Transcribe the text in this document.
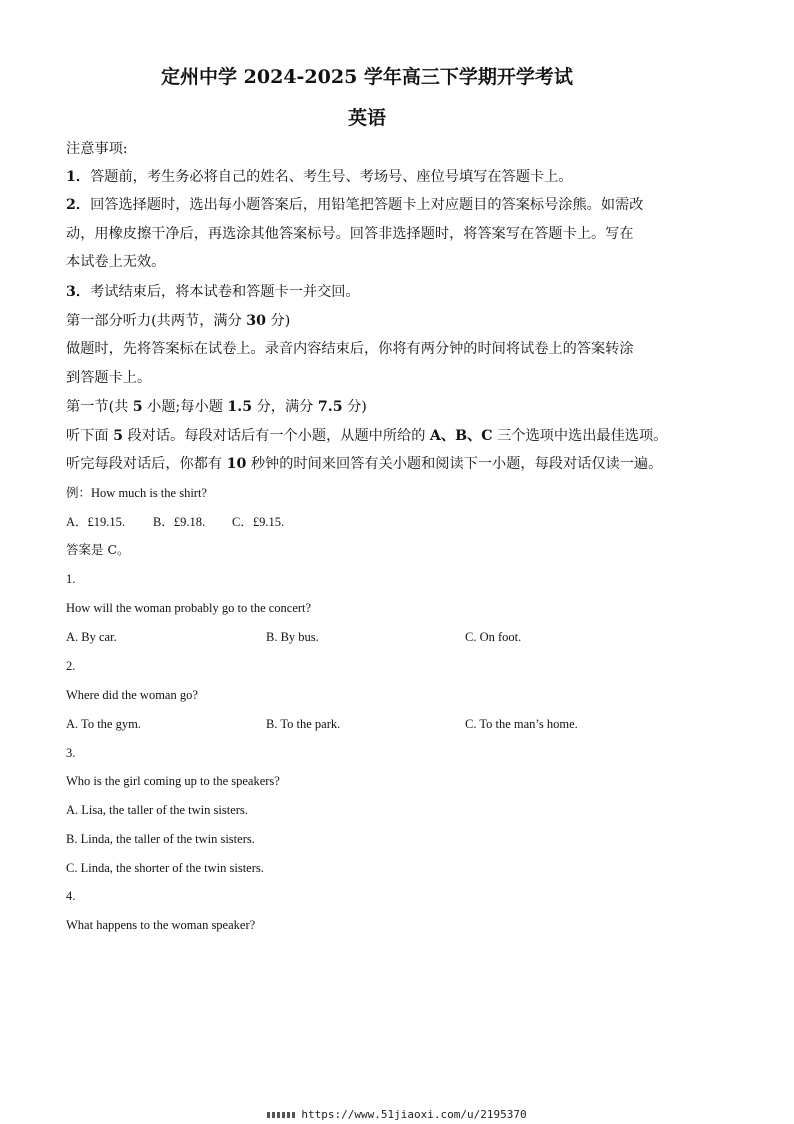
定州中学 2024-2025 学年高三下学期开学考试
英语
注意事项:
1．答题前，考生务必将自己的姓名、考生号、考场号、座位号填写在答题卡上。
2．回答选择题时，选出每小题答案后，用铅笔把答题卡上对应题目的答案标号涂熊。如需改
动，用橡皮擦干净后，再选涂其他答案标号。回答非选择题时，将答案写在答题卡上。写在
本试卷上无效。
3．考试结束后，将本试卷和答题卡一并交回。
第一部分听力(共两节，满分 30 分)
做题时，先将答案标在试卷上。录音内容结束后，你将有两分钟的时间将试卷上的答案转涂
到答题卡上。
第一节(共 5 小题;每小题 1.5 分，满分 7.5 分)
听下面 5 段对话。每段对话后有一个小题，从题中所给的 A、B、C 三个选项中选出最佳选项。
听完每段对话后，你都有 10 秒钟的时间来回答有关小题和阅读下一小题，每段对话仅读一遍。
例：How much is the shirt?
A．£19.15. B．£9.18. C．£9.15.
答案是 C。
1.
How will the woman probably go to the concert?
A. By car.	B. By bus.	C. On foot.
2.
Where did the woman go?
A. To the gym.	B. To the park.	C. To the man’s home.
3.
Who is the girl coming up to the speakers?
A. Lisa, the taller of the twin sisters.
B. Linda, the taller of the twin sisters.
C. Linda, the shorter of the twin sisters.
4.
What happens to the woman speaker?
https://www.51jiaoxi.com/u/2195370
